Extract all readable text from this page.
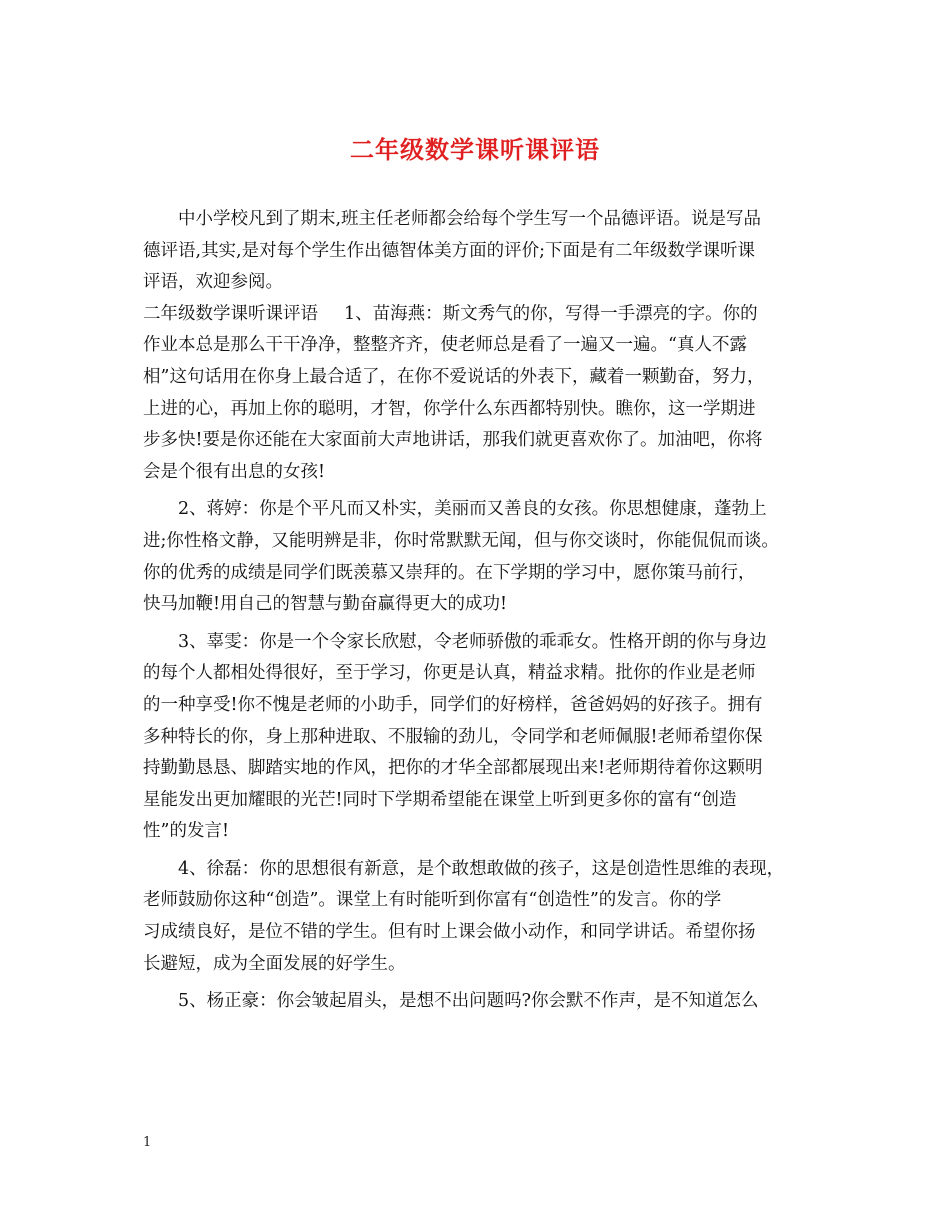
二年级数学课听课评语
中小学校凡到了期末,班主任老师都会给每个学生写一个品德评语。说是写品
德评语,其实,是对每个学生作出德智体美方面的评价;下面是有二年级数学课听课
评语，欢迎参阅。
二年级数学课听课评语 1、苗海燕：斯文秀气的你，写得一手漂亮的字。你的
作业本总是那么干干净净，整整齐齐，使老师总是看了一遍又一遍。“真人不露
相”这句话用在你身上最合适了，在你不爱说话的外表下，藏着一颗勤奋，努力，
上进的心，再加上你的聪明，才智，你学什么东西都特别快。瞧你，这一学期进
步多快!要是你还能在大家面前大声地讲话，那我们就更喜欢你了。加油吧，你将
会是个很有出息的女孩!
2、蒋婷：你是个平凡而又朴实，美丽而又善良的女孩。你思想健康，蓬勃上
进;你性格文静，又能明辨是非，你时常默默无闻，但与你交谈时，你能侃侃而谈。
你的优秀的成绩是同学们既羡慕又崇拜的。在下学期的学习中，愿你策马前行，
快马加鞭!用自己的智慧与勤奋赢得更大的成功!
3、辜雯：你是一个令家长欣慰，令老师骄傲的乖乖女。性格开朗的你与身边
的每个人都相处得很好，至于学习，你更是认真，精益求精。批你的作业是老师
的一种享受!你不愧是老师的小助手，同学们的好榜样，爸爸妈妈的好孩子。拥有
多种特长的你，身上那种进取、不服输的劲儿，令同学和老师佩服!老师希望你保
持勤勤恳恳、脚踏实地的作风，把你的才华全部都展现出来!老师期待着你这颗明
星能发出更加耀眼的光芒!同时下学期希望能在课堂上听到更多你的富有“创造
性”的发言!
4、徐磊：你的思想很有新意，是个敢想敢做的孩子，这是创造性思维的表现，
老师鼓励你这种“创造”。课堂上有时能听到你富有“创造性”的发言。你的学
习成绩良好，是位不错的学生。但有时上课会做小动作，和同学讲话。希望你扬
长避短，成为全面发展的好学生。
5、杨正豪：你会皱起眉头，是想不出问题吗?你会默不作声，是不知道怎么
1
